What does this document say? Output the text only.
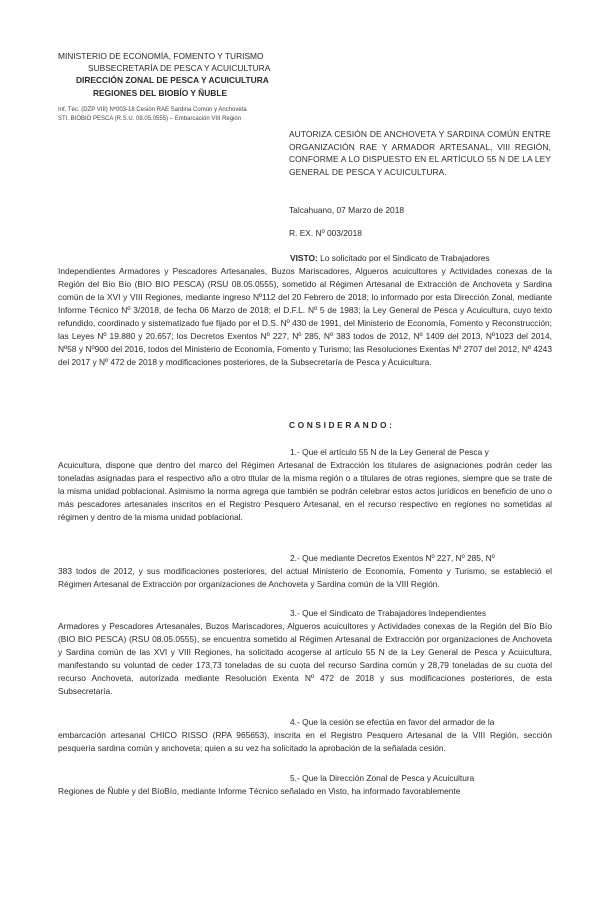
MINISTERIO DE ECONOMÍA, FOMENTO Y TURISMO
SUBSECRETARÍA DE PESCA Y ACUICULTURA
DIRECCIÓN ZONAL DE PESCA Y ACUICULTURA
REGIONES DEL BIOBÍO Y ÑUBLE
Inf. Téc. (DZP VIII) Nº003-18 Cesión RAE Sardina Común y Anchoveta
STI. BIOBIO PESCA (R.S.U. 08.05.0555) – Embarcación VIII Región
AUTORIZA CESIÓN DE ANCHOVETA Y SARDINA COMÚN ENTRE ORGANIZACIÓN RAE Y ARMADOR ARTESANAL, VIII REGIÓN, CONFORME A LO DISPUESTO EN EL ARTÍCULO 55 N DE LA LEY GENERAL DE PESCA Y ACUICULTURA.
Talcahuano, 07 Marzo de 2018
R. EX. Nº 003/2018
VISTO: Lo solicitado por el Sindicato de Trabajadores
Independientes Armadores y Pescadores Artesanales, Buzos Mariscadores, Algueros acuicultores y Actividades conexas de la Región del Bío Bío (BIO BIO PESCA) (RSU 08.05.0555), sometido al Régimen Artesanal de Extracción de Anchoveta y Sardina común de la XVI y VIII Regiones, mediante ingreso Nº112 del 20 Febrero de 2018; lo informado por esta Dirección Zonal, mediante Informe Técnico Nº 3/2018, de fecha 06 Marzo de 2018; el D.F.L. Nº 5 de 1983; la Ley General de Pesca y Acuicultura, cuyo texto refundido, coordinado y sistematizado fue fijado por el D.S. Nº 430 de 1991, del Ministerio de Economía, Fomento y Reconstrucción; las Leyes Nº 19.880 y 20.657; los Decretos Exentos Nº 227, Nº 285, Nº 383 todos de 2012, Nº 1409 del 2013, Nº1023 del 2014, Nº58 y Nº900 del 2016, todos del Ministerio de Economía, Fomento y Turismo; las Resoluciones Exentas Nº 2707 del 2012, Nº 4243 del 2017 y Nº 472 de 2018 y modificaciones posteriores, de la Subsecretaría de Pesca y Acuicultura.
CONSIDERANDO:
1.- Que el artículo 55 N de la Ley General de Pesca y
Acuicultura, dispone que dentro del marco del Régimen Artesanal de Extracción los titulares de asignaciones podrán ceder las toneladas asignadas para el respectivo año a otro titular de la misma región o a titulares de otras regiones, siempre que se trate de la misma unidad poblacional. Asimismo la norma agrega que también se podrán celebrar estos actos jurídicos en beneficio de uno o más pescadores artesanales inscritos en el Registro Pesquero Artesanal, en el recurso respectivo en regiones no sometidas al régimen y dentro de la misma unidad poblacional.
2.- Que mediante Decretos Exentos Nº 227, Nº 285, Nº
383 todos de 2012, y sus modificaciones posteriores, del actual Ministerio de Economía, Fomento y Turismo, se estableció el Régimen Artesanal de Extracción por organizaciones de Anchoveta y Sardina común de la VIII Región.
3.- Que el Sindicato de Trabajadores Independientes
Armadores y Pescadores Artesanales, Buzos Mariscadores, Algueros acuicultores y Actividades conexas de la Región del Bío Bío (BIO BIO PESCA) (RSU 08.05.0555), se encuentra sometido al Régimen Artesanal de Extracción por organizaciones de Anchoveta y Sardina común de las XVI y VIII Regiones, ha solicitado acogerse al artículo 55 N de la Ley General de Pesca y Acuicultura, manifestando su voluntad de ceder 173,73 toneladas de su cuota del recurso Sardina común y 28,79 toneladas de su cuota del recurso Anchoveta, autorizada mediante Resolución Exenta Nº 472 de 2018 y sus modificaciones posteriores, de esta Subsecretaría.
4.- Que la cesión se efectúa en favor del armador de la
embarcación artesanal CHICO RISSO (RPA 965653), inscrita en el Registro Pesquero Artesanal de la VIII Región, sección pesquería sardina común y anchoveta; quien a su vez ha solicitado la aprobación de la señalada cesión.
5.- Que la Dirección Zonal de Pesca y Acuicultura
Regiones de Ñuble y del BíoBío, mediante Informe Técnico señalado en Visto, ha informado favorablemente
